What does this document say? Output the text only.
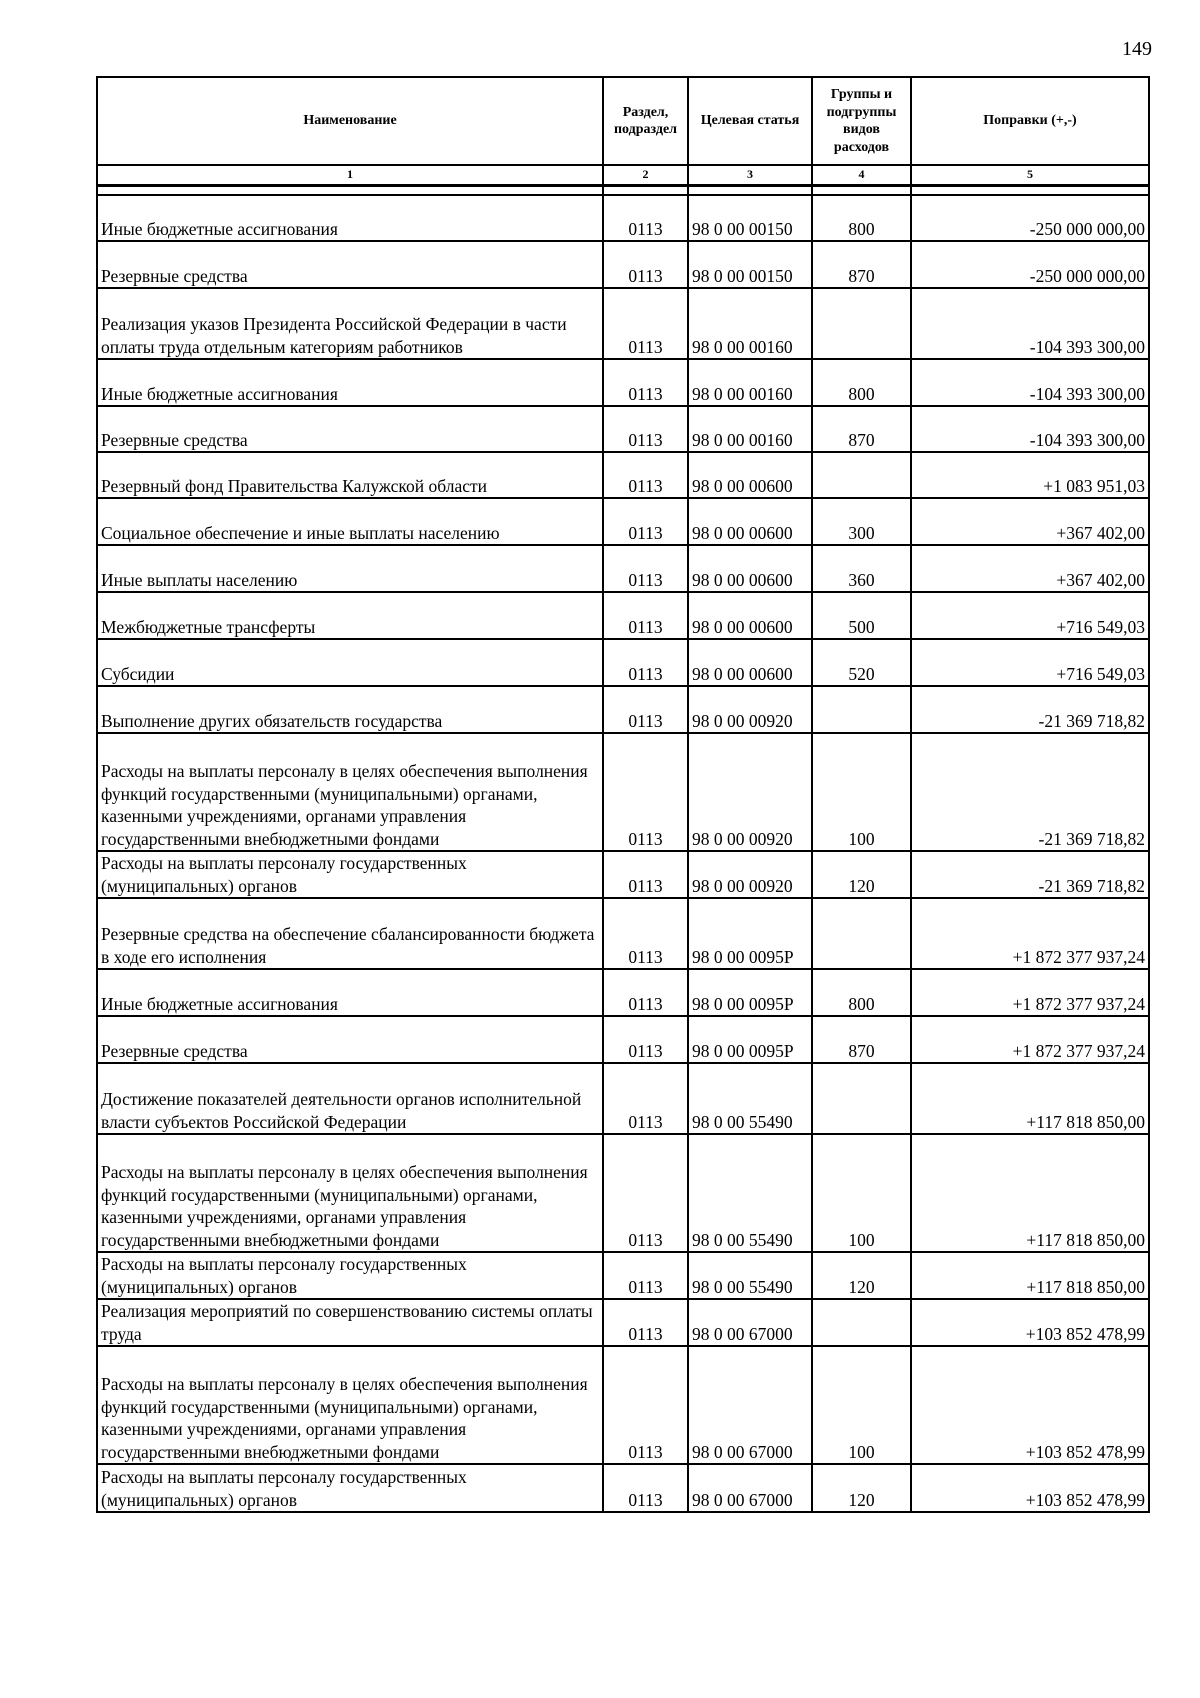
149
Наименование	Раздел, подраздел	Целевая статья	Группы и подгруппы видов расходов	Поправки (+,-)
1	2	3	4	5

Иные бюджетные ассигнования	0113	98 0 00 00150	800	-250 000 000,00
Резервные средства	0113	98 0 00 00150	870	-250 000 000,00
Реализация указов Президента Российской Федерации в части оплаты труда отдельным категориям работников	0113	98 0 00 00160		-104 393 300,00
Иные бюджетные ассигнования	0113	98 0 00 00160	800	-104 393 300,00
Резервные средства	0113	98 0 00 00160	870	-104 393 300,00
Резервный фонд Правительства Калужской области	0113	98 0 00 00600		+1 083 951,03
Социальное обеспечение и иные выплаты населению	0113	98 0 00 00600	300	+367 402,00
Иные выплаты населению	0113	98 0 00 00600	360	+367 402,00
Межбюджетные трансферты	0113	98 0 00 00600	500	+716 549,03
Субсидии	0113	98 0 00 00600	520	+716 549,03
Выполнение других обязательств государства	0113	98 0 00 00920		-21 369 718,82
Расходы на выплаты персоналу в целях обеспечения выполнения функций государственными (муниципальными) органами, казенными учреждениями, органами управления государственными внебюджетными фондами	0113	98 0 00 00920	100	-21 369 718,82
Расходы на выплаты персоналу государственных (муниципальных) органов	0113	98 0 00 00920	120	-21 369 718,82
Резервные средства на обеспечение сбалансированности бюджета в ходе его исполнения	0113	98 0 00 0095Р		+1 872 377 937,24
Иные бюджетные ассигнования	0113	98 0 00 0095Р	800	+1 872 377 937,24
Резервные средства	0113	98 0 00 0095Р	870	+1 872 377 937,24
Достижение показателей деятельности органов исполнительной власти субъектов Российской Федерации	0113	98 0 00 55490		+117 818 850,00
Расходы на выплаты персоналу в целях обеспечения выполнения функций государственными (муниципальными) органами, казенными учреждениями, органами управления государственными внебюджетными фондами	0113	98 0 00 55490	100	+117 818 850,00
Расходы на выплаты персоналу государственных (муниципальных) органов	0113	98 0 00 55490	120	+117 818 850,00
Реализация мероприятий по совершенствованию системы оплаты труда	0113	98 0 00 67000		+103 852 478,99
Расходы на выплаты персоналу в целях обеспечения выполнения функций государственными (муниципальными) органами, казенными учреждениями, органами управления государственными внебюджетными фондами	0113	98 0 00 67000	100	+103 852 478,99
Расходы на выплаты персоналу государственных (муниципальных) органов	0113	98 0 00 67000	120	+103 852 478,99
